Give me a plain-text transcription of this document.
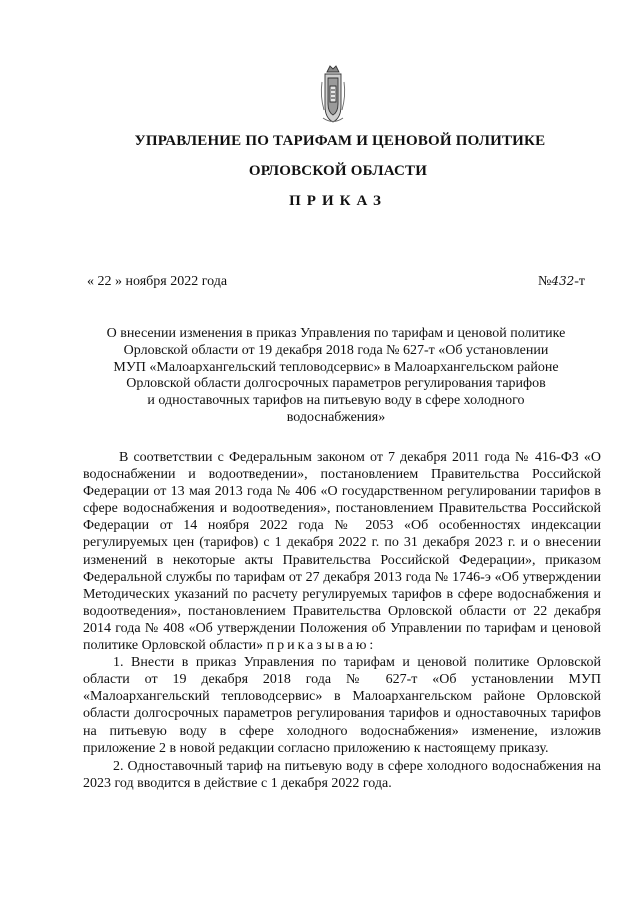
УПРАВЛЕНИЕ ПО ТАРИФАМ И ЦЕНОВОЙ ПОЛИТИКЕ
ОРЛОВСКОЙ ОБЛАСТИ
ПРИКАЗ
« 22 » ноября 2022 года	№432-т
О внесении изменения в приказ Управления по тарифам и ценовой политике
Орловской области от 19 декабря 2018 года № 627-т «Об установлении
МУП «Малоархангельский тепловодсервис» в Малоархангельском районе
Орловской области долгосрочных параметров регулирования тарифов
и одноставочных тарифов на питьевую воду в сфере холодного
водоснабжения»

В соответствии с Федеральным законом от 7 декабря 2011 года № 416-ФЗ «О водоснабжении и водоотведении», постановлением Правительства Российской Федерации от 13 мая 2013 года № 406 «О государственном регулировании тарифов в сфере водоснабжения и водоотведения», постановлением Правительства Российской Федерации от 14 ноября 2022 года № 2053 «Об особенностях индексации регулируемых цен (тарифов) с 1 декабря 2022 г. по 31 декабря 2023 г. и о внесении изменений в некоторые акты Правительства Российской Федерации», приказом Федеральной службы по тарифам от 27 декабря 2013 года № 1746-э «Об утверждении Методических указаний по расчету регулируемых тарифов в сфере водоснабжения и водоотведения», постановлением Правительства Орловской области от 22 декабря 2014 года № 408 «Об утверждении Положения об Управлении по тарифам и ценовой политике Орловской области» приказываю:

1. Внести в приказ Управления по тарифам и ценовой политике Орловской области от 19 декабря 2018 года № 627-т «Об установлении МУП «Малоархангельский тепловодсервис» в Малоархангельском районе Орловской области долгосрочных параметров регулирования тарифов и одноставочных тарифов на питьевую воду в сфере холодного водоснабжения» изменение, изложив приложение 2 в новой редакции согласно приложению к настоящему приказу.

2. Одноставочный тариф на питьевую воду в сфере холодного водоснабжения на 2023 год вводится в действие с 1 декабря 2022 года.
